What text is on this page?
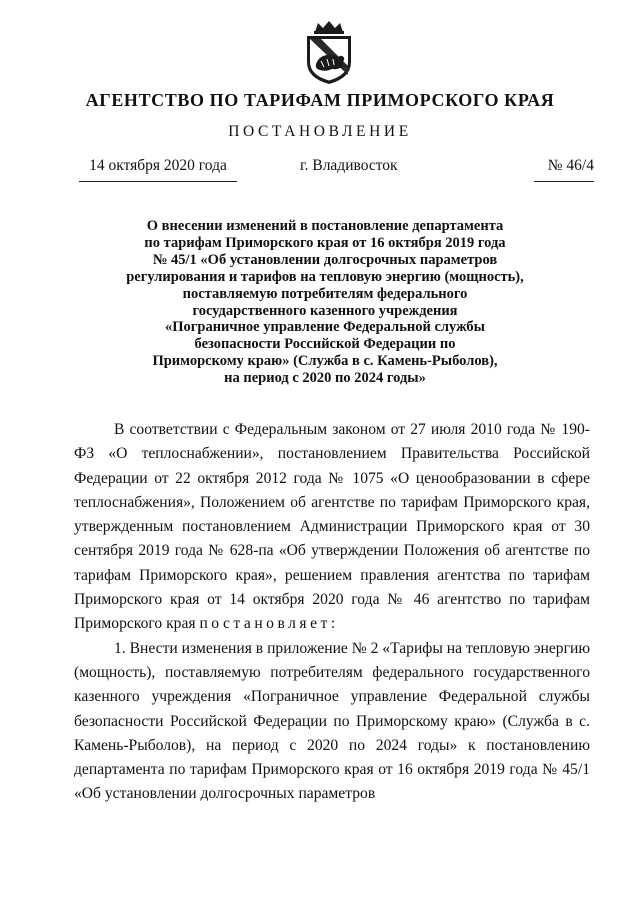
АГЕНТСТВО ПО ТАРИФАМ ПРИМОРСКОГО КРАЯ
ПОСТАНОВЛЕНИЕ
14 октября 2020 года	г. Владивосток	№ 46/4
О внесении изменений в постановление департамента
по тарифам Приморского края от 16 октября 2019 года
№ 45/1 «Об установлении долгосрочных параметров
регулирования и тарифов на тепловую энергию (мощность),
поставляемую потребителям федерального
государственного казенного учреждения
«Пограничное управление Федеральной службы
безопасности Российской Федерации по
Приморскому краю» (Служба в с. Камень-Рыболов),
на период с 2020 по 2024 годы»

В соответствии с Федеральным законом от 27 июля 2010 года № 190-ФЗ «О теплоснабжении», постановлением Правительства Российской Федерации от 22 октября 2012 года № 1075 «О ценообразовании в сфере теплоснабжения», Положением об агентстве по тарифам Приморского края, утвержденным постановлением Администрации Приморского края от 30 сентября 2019 года № 628-па «Об утверждении Положения об агентстве по тарифам Приморского края», решением правления агентства по тарифам Приморского края от 14 октября 2020 года № 46 агентство по тарифам Приморского края постановляет:

1. Внести изменения в приложение № 2 «Тарифы на тепловую энергию (мощность), поставляемую потребителям федерального государственного казенного учреждения «Пограничное управление Федеральной службы безопасности Российской Федерации по Приморскому краю» (Служба в с. Камень-Рыболов), на период с 2020 по 2024 годы» к постановлению департамента по тарифам Приморского края от 16 октября 2019 года № 45/1 «Об установлении долгосрочных параметров
